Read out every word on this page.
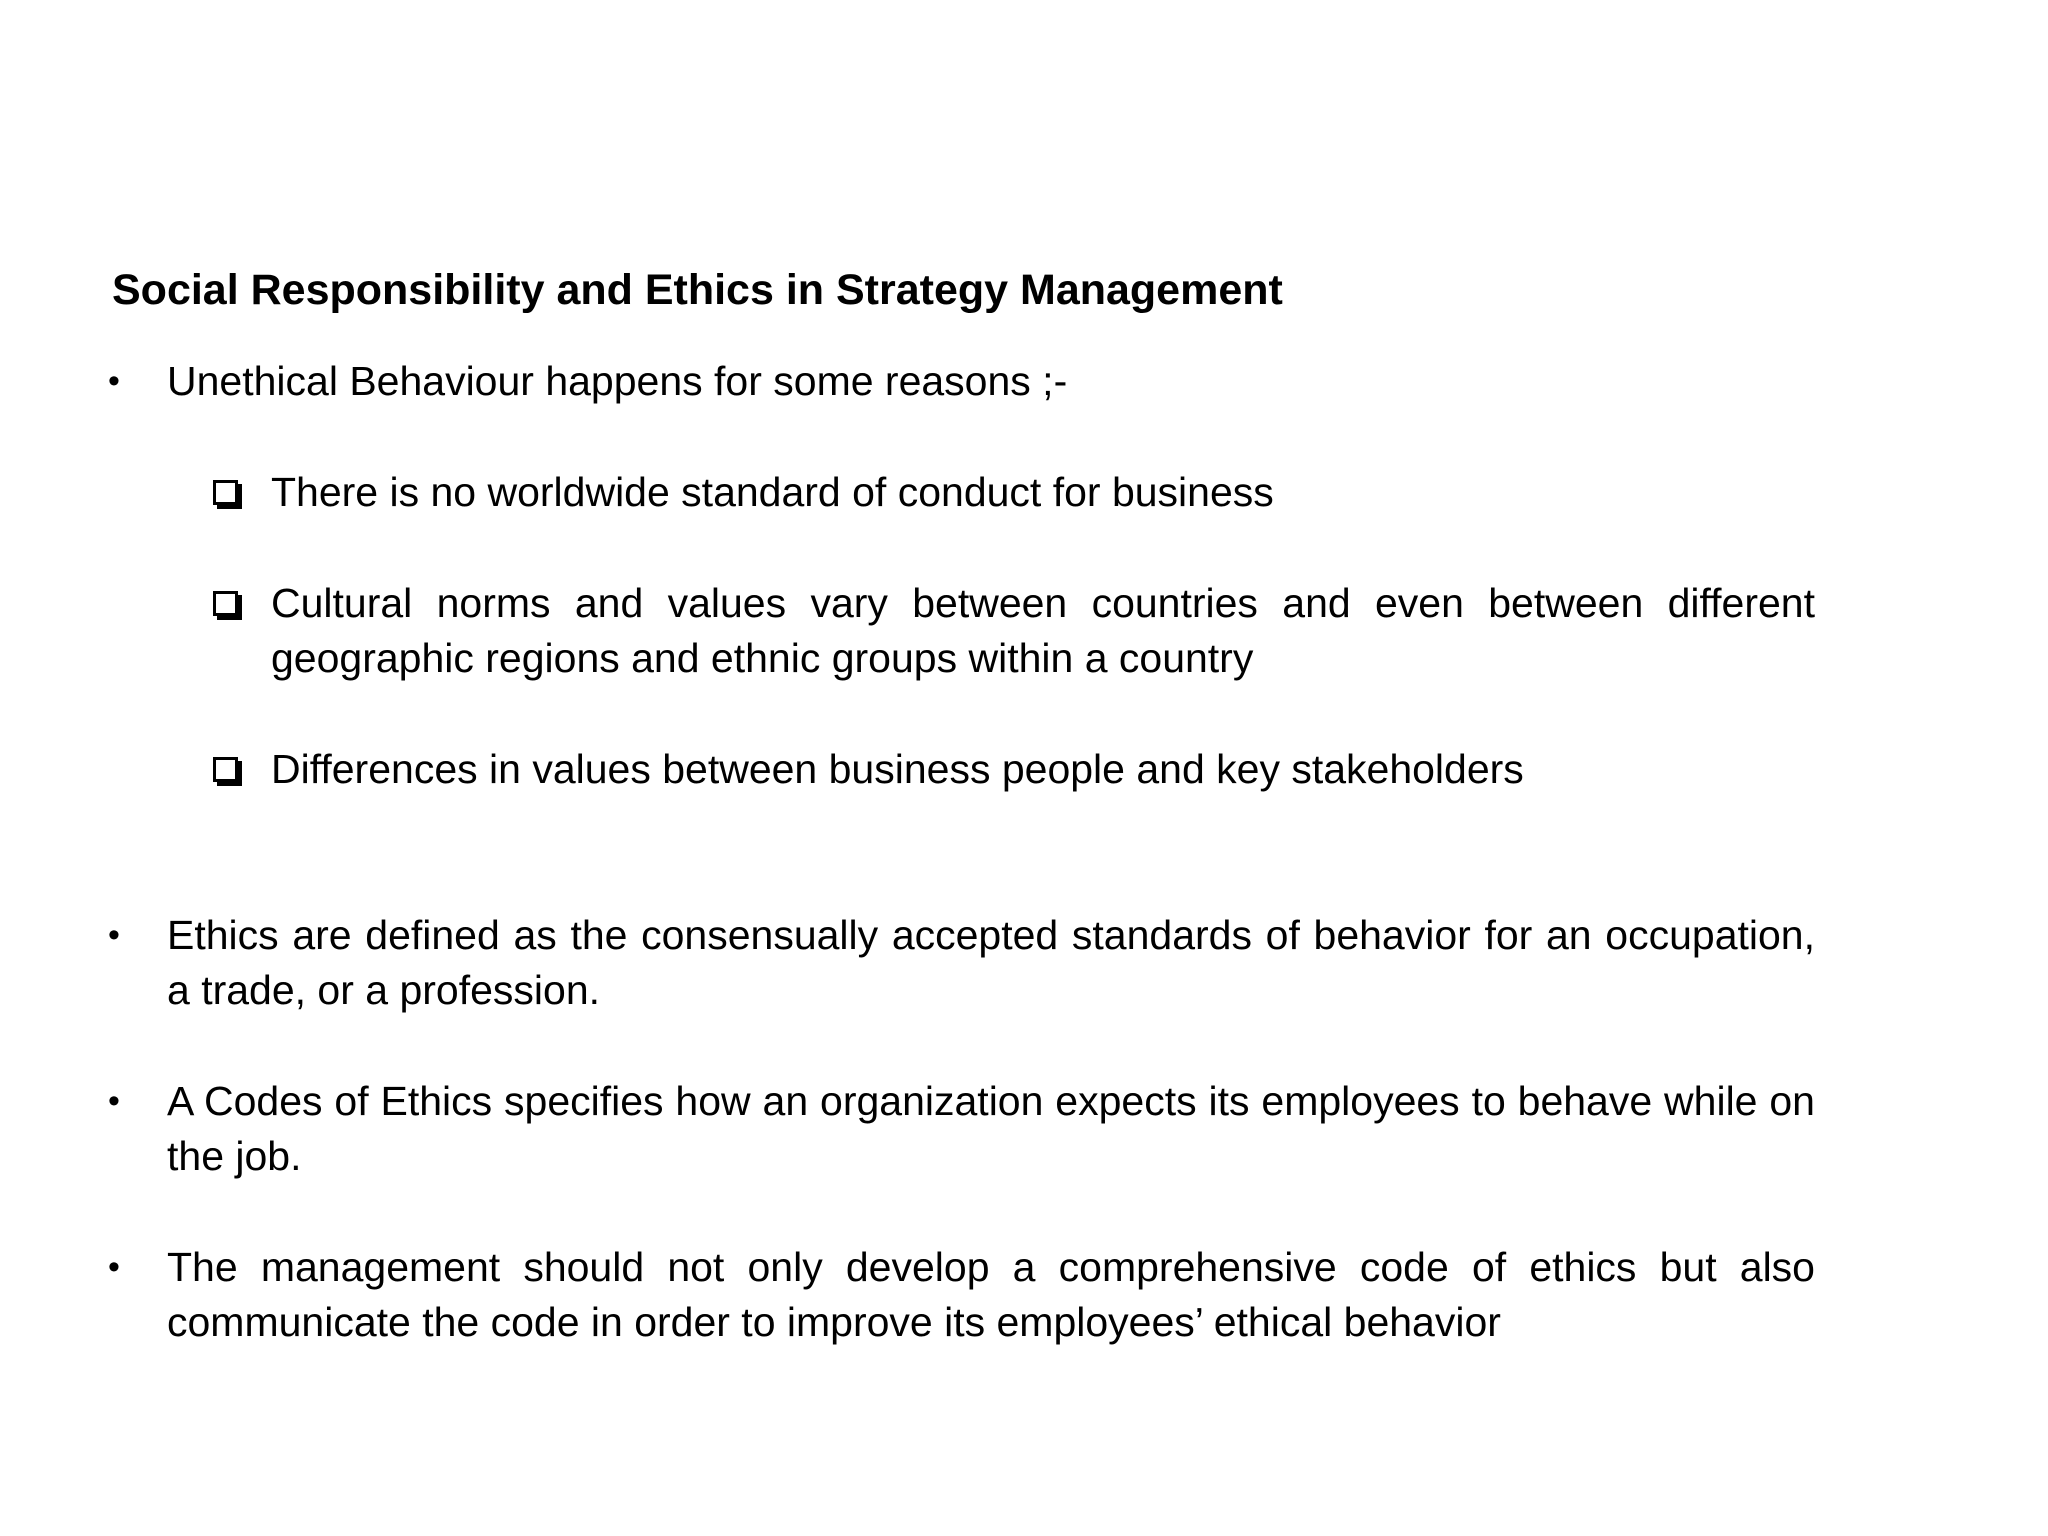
Social Responsibility and Ethics in Strategy Management
• Unethical Behaviour happens for some reasons ;-
There is no worldwide standard of conduct for business
Cultural norms and values vary between countries and even between different geographic regions and ethnic groups within a country
Differences in values between business people and key stakeholders
• Ethics are defined as the consensually accepted standards of behavior for an occupation, a trade, or a profession.
• A Codes of Ethics specifies how an organization expects its employees to behave while on the job.
• The management should not only develop a comprehensive code of ethics but also communicate the code in order to improve its employees’ ethical behavior
